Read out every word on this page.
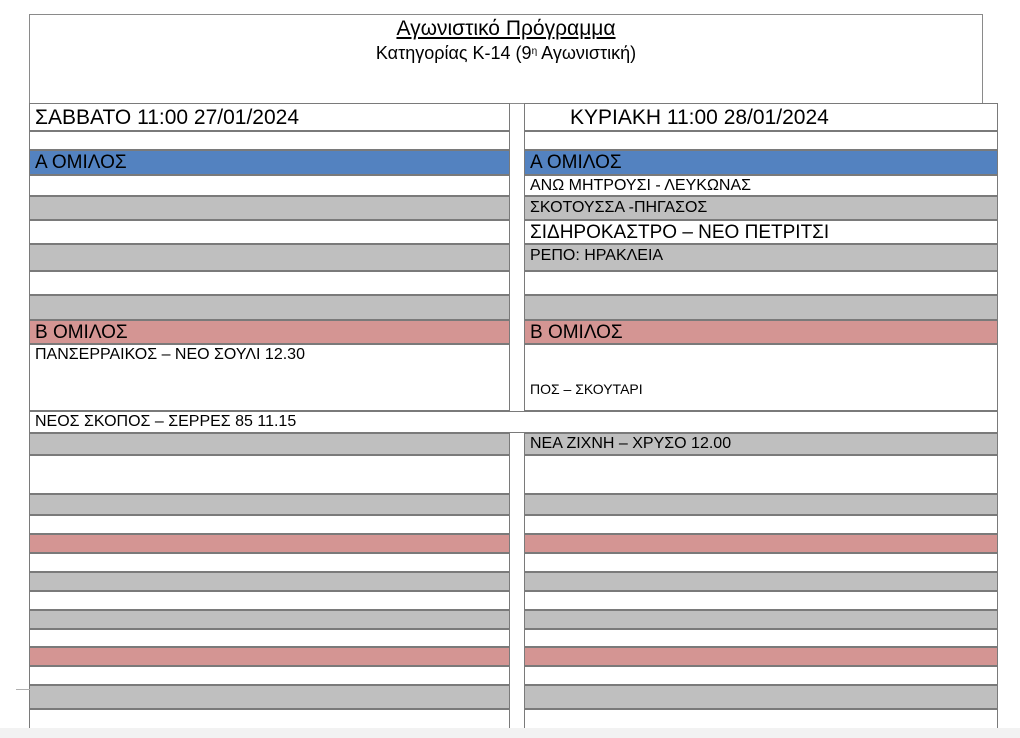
Αγωνιστικό Πρόγραμμα
Κατηγορίας Κ-14 ($9^\eta$ Αγωνιστική)
ΣΑΒΒΑΤΟ 11:00 27/01/2024
Α ΟΜΙΛΟΣ
Β ΟΜΙΛΟΣ
ΠΑΝΣΕΡΡΑΙΚΟΣ – ΝΕΟ ΣΟΥΛΙ 12.30
ΝΕΟΣ ΣΚΟΠΟΣ – ΣΕΡΡΕΣ 85 11.15
ΚΥΡΙΑΚΗ 11:00 28/01/2024
Α ΟΜΙΛΟΣ
ΑΝΩ ΜΗΤΡΟΥΣΙ - ΛΕΥΚΩΝΑΣ
ΣΚΟΤΟΥΣΣΑ -ΠΗΓΑΣΟΣ
ΣΙΔΗΡΟΚΑΣΤΡΟ – ΝΕΟ ΠΕΤΡΙΤΣΙ
ΡΕΠΟ: ΗΡΑΚΛΕΙΑ
Β ΟΜΙΛΟΣ
ΠΟΣ – ΣΚΟΥΤΑΡΙ
ΝΕΑ ΖΙΧΝΗ – ΧΡΥΣΟ 12.00
